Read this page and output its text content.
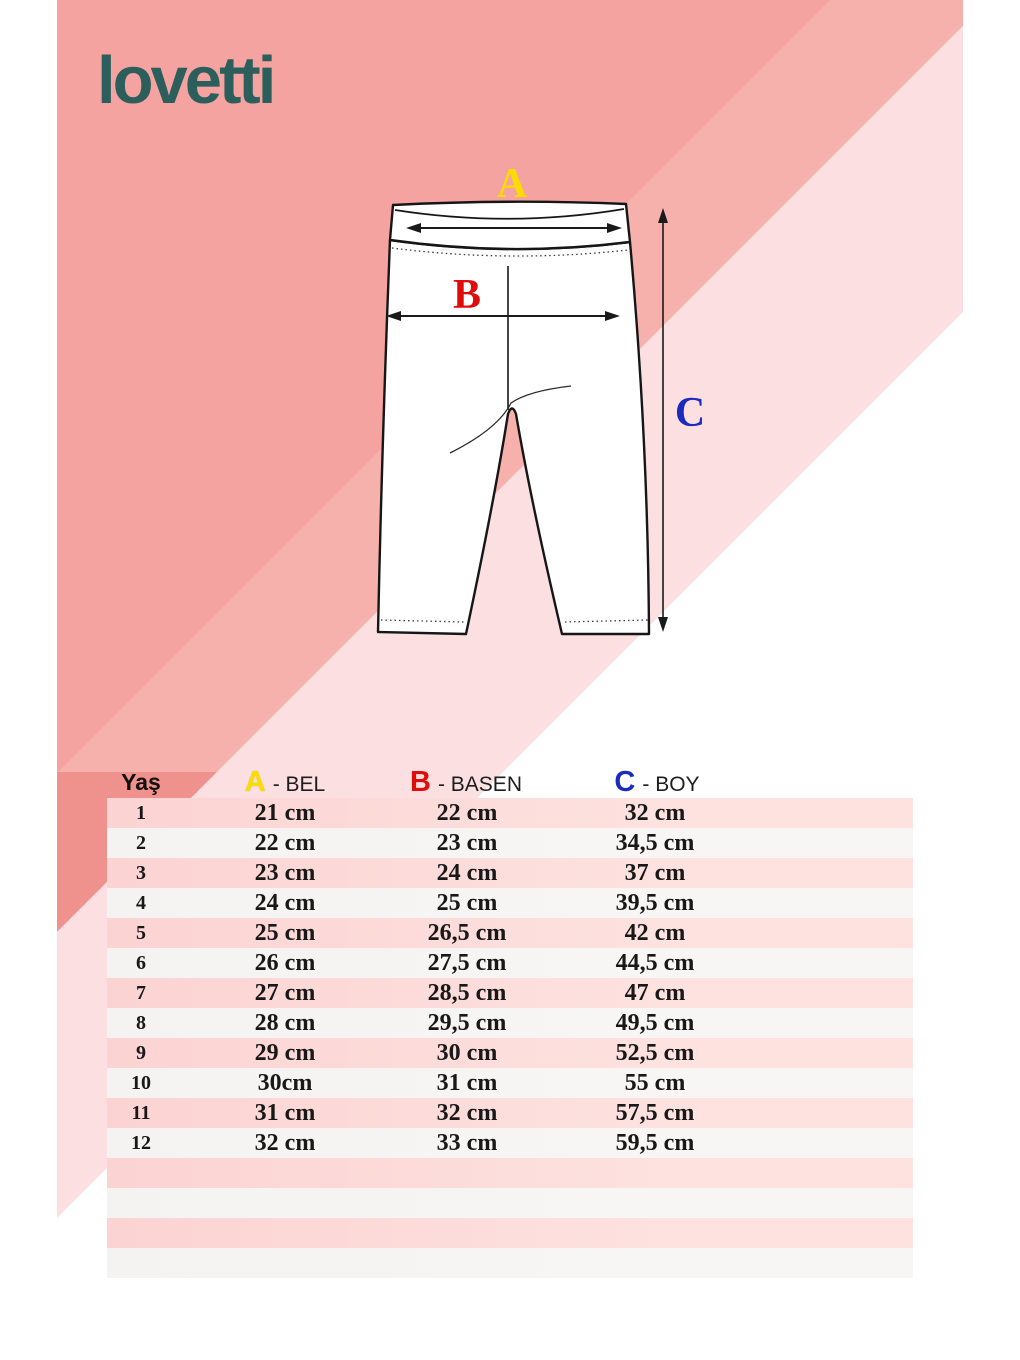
lovetti
A
B
C
Yaş	A - BEL	B - BASEN	C - BOY
1	21 cm	22 cm	32 cm
2	22 cm	23 cm	34,5 cm
3	23 cm	24 cm	37 cm
4	24 cm	25 cm	39,5 cm
5	25 cm	26,5 cm	42 cm
6	26 cm	27,5 cm	44,5 cm
7	27 cm	28,5 cm	47 cm
8	28 cm	29,5 cm	49,5 cm
9	29 cm	30 cm	52,5 cm
10	30cm	31 cm	55 cm
11	31 cm	32 cm	57,5 cm
12	32 cm	33 cm	59,5 cm
